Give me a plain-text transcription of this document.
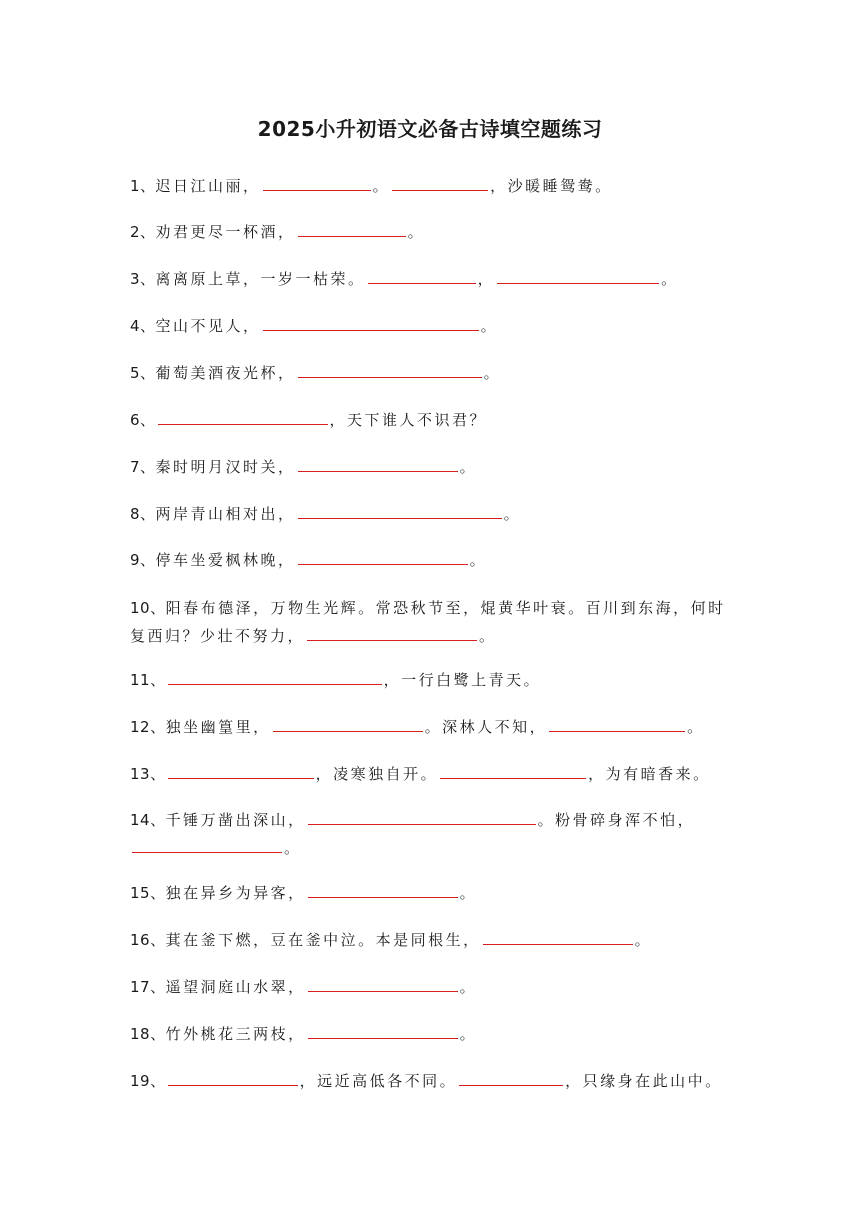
2025小升初语文必备古诗填空题练习
1、迟日江山丽，	。	，沙暖睡鸳鸯。
2、劝君更尽一杯酒，	。
3、离离原上草，一岁一枯荣。	，	。
4、空山不见人，	。
5、葡萄美酒夜光杯，	。
6、	，天下谁人不识君？
7、秦时明月汉时关，	。
8、两岸青山相对出，	。
9、停车坐爱枫林晚，	。
10、阳春布德泽，万物生光辉。常恐秋节至，焜黄华叶衰。百川到东海，何时复西归？少壮不努力，	。
11、	，一行白鹭上青天。
12、独坐幽篁里，	。深林人不知，	。
13、	，凌寒独自开。	，为有暗香来。
14、千锤万凿出深山，	。粉骨碎身浑不怕，。
15、独在异乡为异客，	。
16、萁在釜下燃，豆在釜中泣。本是同根生，	。
17、遥望洞庭山水翠，	。
18、竹外桃花三两枝，	。
19、	，远近高低各不同。	，只缘身在此山中。
